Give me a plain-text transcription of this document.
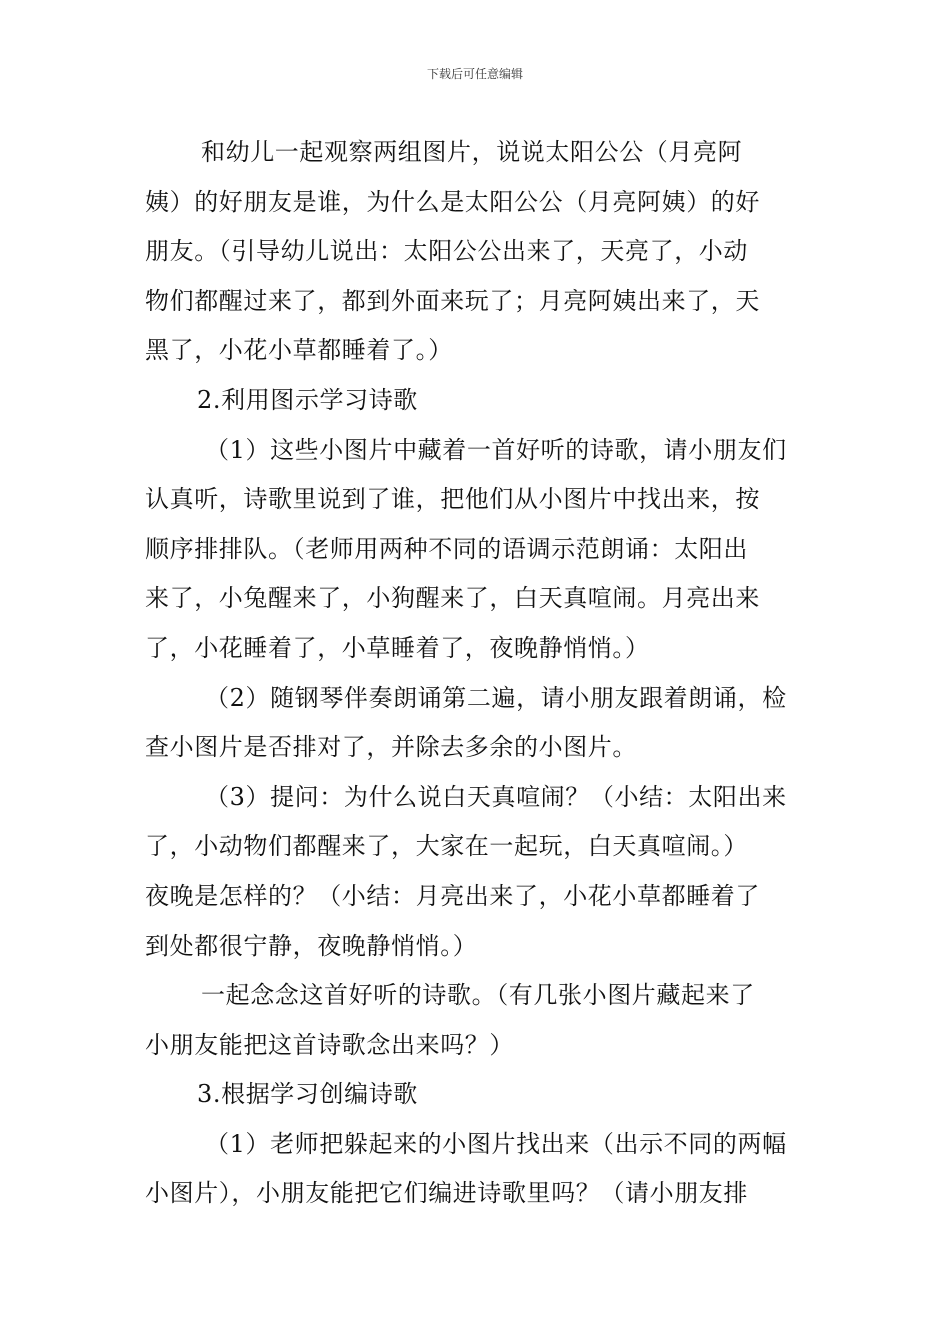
下载后可任意编辑
和幼儿一起观察两组图片，说说太阳公公（月亮阿
姨）的好朋友是谁，为什么是太阳公公（月亮阿姨）的好
朋友。（引导幼儿说出：太阳公公出来了，天亮了，小动
物们都醒过来了，都到外面来玩了；月亮阿姨出来了，天
黑了，小花小草都睡着了。）
2.利用图示学习诗歌
（1）这些小图片中藏着一首好听的诗歌，请小朋友们
认真听，诗歌里说到了谁，把他们从小图片中找出来，按
顺序排排队。（老师用两种不同的语调示范朗诵：太阳出
来了，小兔醒来了，小狗醒来了，白天真喧闹。月亮出来
了，小花睡着了，小草睡着了，夜晚静悄悄。）
（2）随钢琴伴奏朗诵第二遍，请小朋友跟着朗诵，检
查小图片是否排对了，并除去多余的小图片。
（3）提问：为什么说白天真喧闹？（小结：太阳出来
了，小动物们都醒来了，大家在一起玩，白天真喧闹。）
夜晚是怎样的？（小结：月亮出来了，小花小草都睡着了
到处都很宁静，夜晚静悄悄。）
一起念念这首好听的诗歌。（有几张小图片藏起来了
小朋友能把这首诗歌念出来吗？）
3.根据学习创编诗歌
（1）老师把躲起来的小图片找出来（出示不同的两幅
小图片），小朋友能把它们编进诗歌里吗？（请小朋友排
